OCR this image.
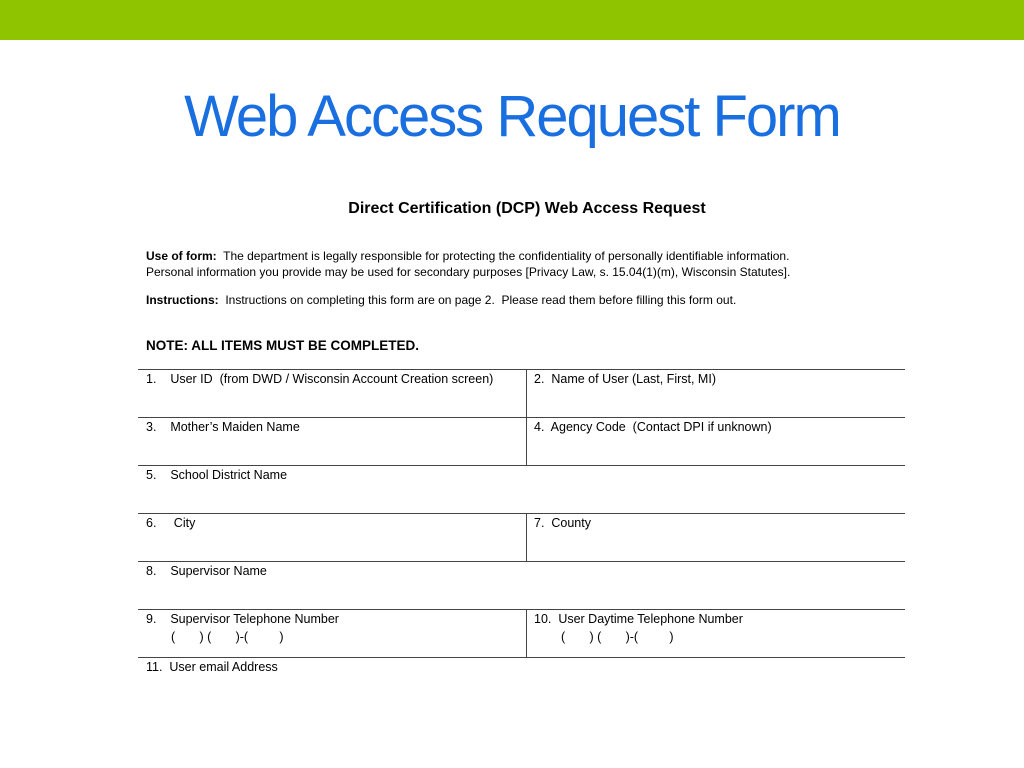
Web Access Request Form
Direct Certification (DCP) Web Access Request
Use of form:  The department is legally responsible for protecting the confidentiality of personally identifiable information.
Personal information you provide may be used for secondary purposes [Privacy Law, s. 15.04(1)(m), Wisconsin Statutes].
Instructions:  Instructions on completing this form are on page 2.  Please read them before filling this form out.
NOTE: ALL ITEMS MUST BE COMPLETED.
1.    User ID  (from DWD / Wisconsin Account Creation screen)	2.  Name of User (Last, First, MI)
3.    Mother’s Maiden Name	4.  Agency Code  (Contact DPI if unknown)
5.    School District Name
6.     City	7.  County
8.    Supervisor Name
9.    Supervisor Telephone Number
(       ) (       )-(         )
10.  User Daytime Telephone Number
(       ) (       )-(         )
11.  User email Address
